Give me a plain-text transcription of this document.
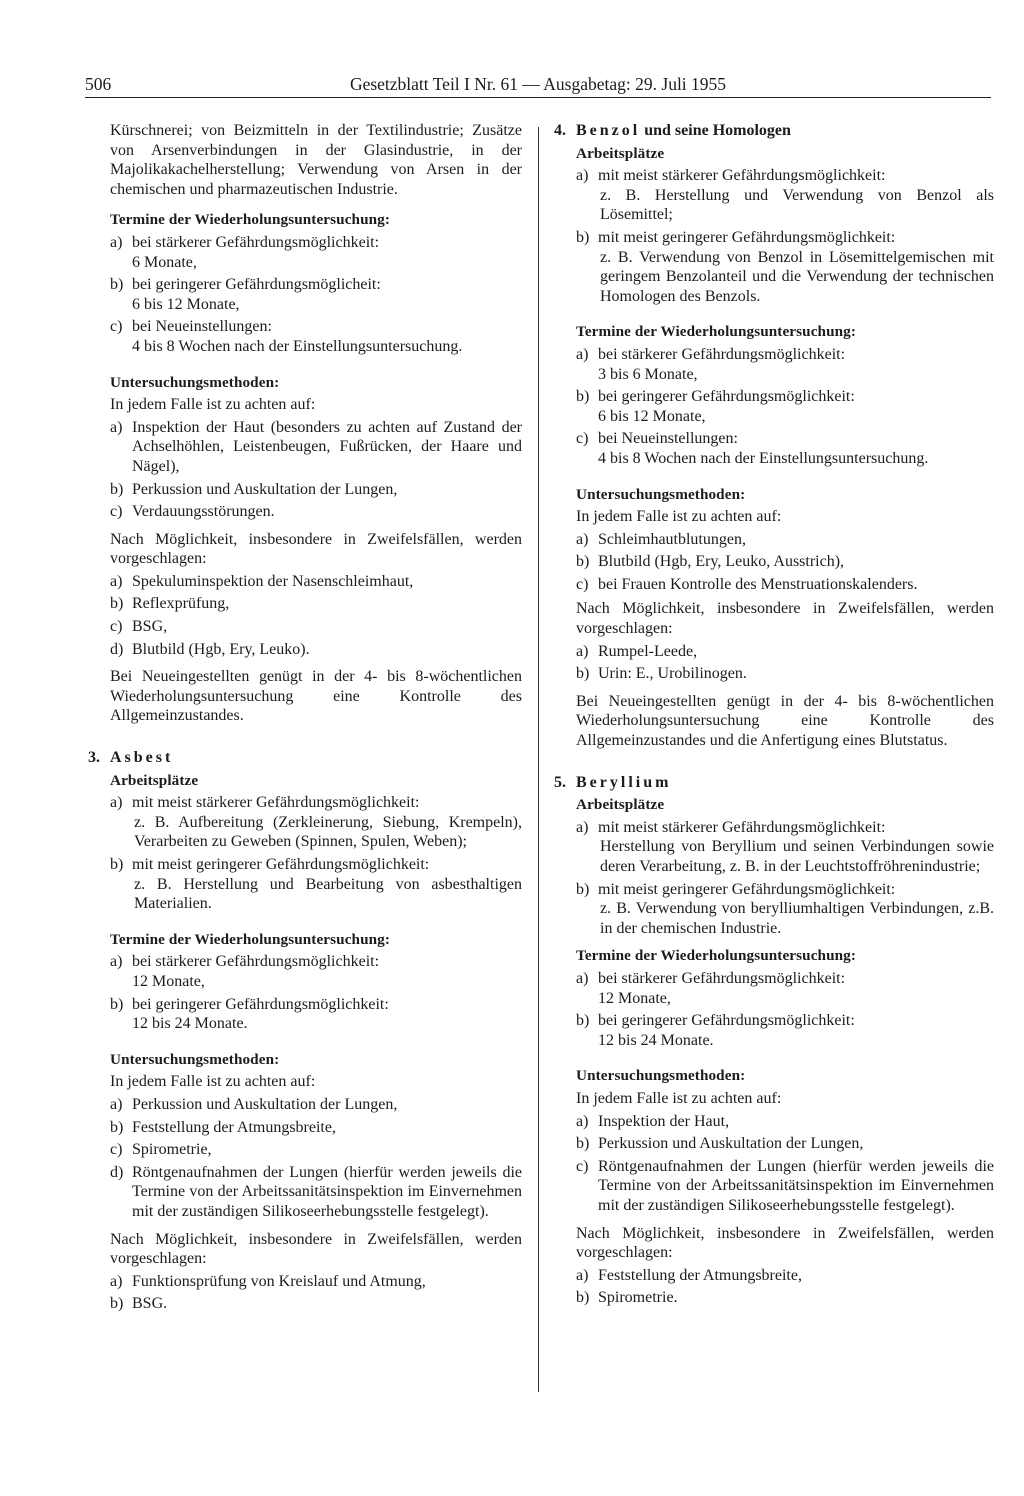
506	Gesetzblatt Teil I Nr. 61 — Ausgabetag: 29. Juli 1955
Kürschnerei; von Beizmitteln in der Textilindustrie; Zusätze von Arsenverbindungen in der Glasindustrie, in der Majolikakachelherstellung; Verwendung von Arsen in der chemischen und pharmazeutischen Industrie.
Termine der Wiederholungsuntersuchung:
a) bei stärkerer Gefährdungsmöglichkeit:
6 Monate,
b) bei geringerer Gefährdungsmöglicheit:
6 bis 12 Monate,
c) bei Neueinstellungen:
4 bis 8 Wochen nach der Einstellungsuntersuchung.
Untersuchungsmethoden:
In jedem Falle ist zu achten auf:
a) Inspektion der Haut (besonders zu achten auf Zustand der Achselhöhlen, Leistenbeugen, Fußrücken, der Haare und Nägel),
b) Perkussion und Auskultation der Lungen,
c) Verdauungsstörungen.
Nach Möglichkeit, insbesondere in Zweifelsfällen, werden vorgeschlagen:
a) Spekuluminspektion der Nasenschleimhaut,
b) Reflexprüfung,
c) BSG,
d) Blutbild (Hgb, Ery, Leuko).
Bei Neueingestellten genügt in der 4- bis 8-wöchentlichen Wiederholungsuntersuchung eine Kontrolle des Allgemeinzustandes.
3. Asbest
Arbeitsplätze
a) mit meist stärkerer Gefährdungsmöglichkeit:
z. B. Aufbereitung (Zerkleinerung, Siebung, Krempeln), Verarbeiten zu Geweben (Spinnen, Spulen, Weben);
b) mit meist geringerer Gefährdungsmöglichkeit:
z. B. Herstellung und Bearbeitung von asbesthaltigen Materialien.
Termine der Wiederholungsuntersuchung:
a) bei stärkerer Gefährdungsmöglichkeit:
12 Monate,
b) bei geringerer Gefährdungsmöglichkeit:
12 bis 24 Monate.
Untersuchungsmethoden:
In jedem Falle ist zu achten auf:
a) Perkussion und Auskultation der Lungen,
b) Feststellung der Atmungsbreite,
c) Spirometrie,
d) Röntgenaufnahmen der Lungen (hierfür werden jeweils die Termine von der Arbeitssanitätsinspektion im Einvernehmen mit der zuständigen Silikoseerhebungsstelle festgelegt).
Nach Möglichkeit, insbesondere in Zweifelsfällen, werden vorgeschlagen:
a) Funktionsprüfung von Kreislauf und Atmung,
b) BSG.
4. Benzol und seine Homologen
Arbeitsplätze
a) mit meist stärkerer Gefährdungsmöglichkeit:
z. B. Herstellung und Verwendung von Benzol als Lösemittel;
b) mit meist geringerer Gefährdungsmöglichkeit:
z. B. Verwendung von Benzol in Lösemittelgemischen mit geringem Benzolanteil und die Verwendung der technischen Homologen des Benzols.
Termine der Wiederholungsuntersuchung:
a) bei stärkerer Gefährdungsmöglichkeit:
3 bis 6 Monate,
b) bei geringerer Gefährdungsmöglichkeit:
6 bis 12 Monate,
c) bei Neueinstellungen:
4 bis 8 Wochen nach der Einstellungsuntersuchung.
Untersuchungsmethoden:
In jedem Falle ist zu achten auf:
a) Schleimhautblutungen,
b) Blutbild (Hgb, Ery, Leuko, Ausstrich),
c) bei Frauen Kontrolle des Menstruationskalenders.
Nach Möglichkeit, insbesondere in Zweifelsfällen, werden vorgeschlagen:
a) Rumpel-Leede,
b) Urin: E., Urobilinogen.
Bei Neueingestellten genügt in der 4- bis 8-wöchentlichen Wiederholungsuntersuchung eine Kontrolle des Allgemeinzustandes und die Anfertigung eines Blutstatus.
5. Beryllium
Arbeitsplätze
a) mit meist stärkerer Gefährdungsmöglichkeit:
Herstellung von Beryllium und seinen Verbindungen sowie deren Verarbeitung, z. B. in der Leuchtstoffröhrenindustrie;
b) mit meist geringerer Gefährdungsmöglichkeit:
z. B. Verwendung von berylliumhaltigen Verbindungen, z.B. in der chemischen Industrie.
Termine der Wiederholungsuntersuchung:
a) bei stärkerer Gefährdungsmöglichkeit:
12 Monate,
b) bei geringerer Gefährdungsmöglichkeit:
12 bis 24 Monate.
Untersuchungsmethoden:
In jedem Falle ist zu achten auf:
a) Inspektion der Haut,
b) Perkussion und Auskultation der Lungen,
c) Röntgenaufnahmen der Lungen (hierfür werden jeweils die Termine von der Arbeitssanitätsinspektion im Einvernehmen mit der zuständigen Silikoseerhebungsstelle festgelegt).
Nach Möglichkeit, insbesondere in Zweifelsfällen, werden vorgeschlagen:
a) Feststellung der Atmungsbreite,
b) Spirometrie.
